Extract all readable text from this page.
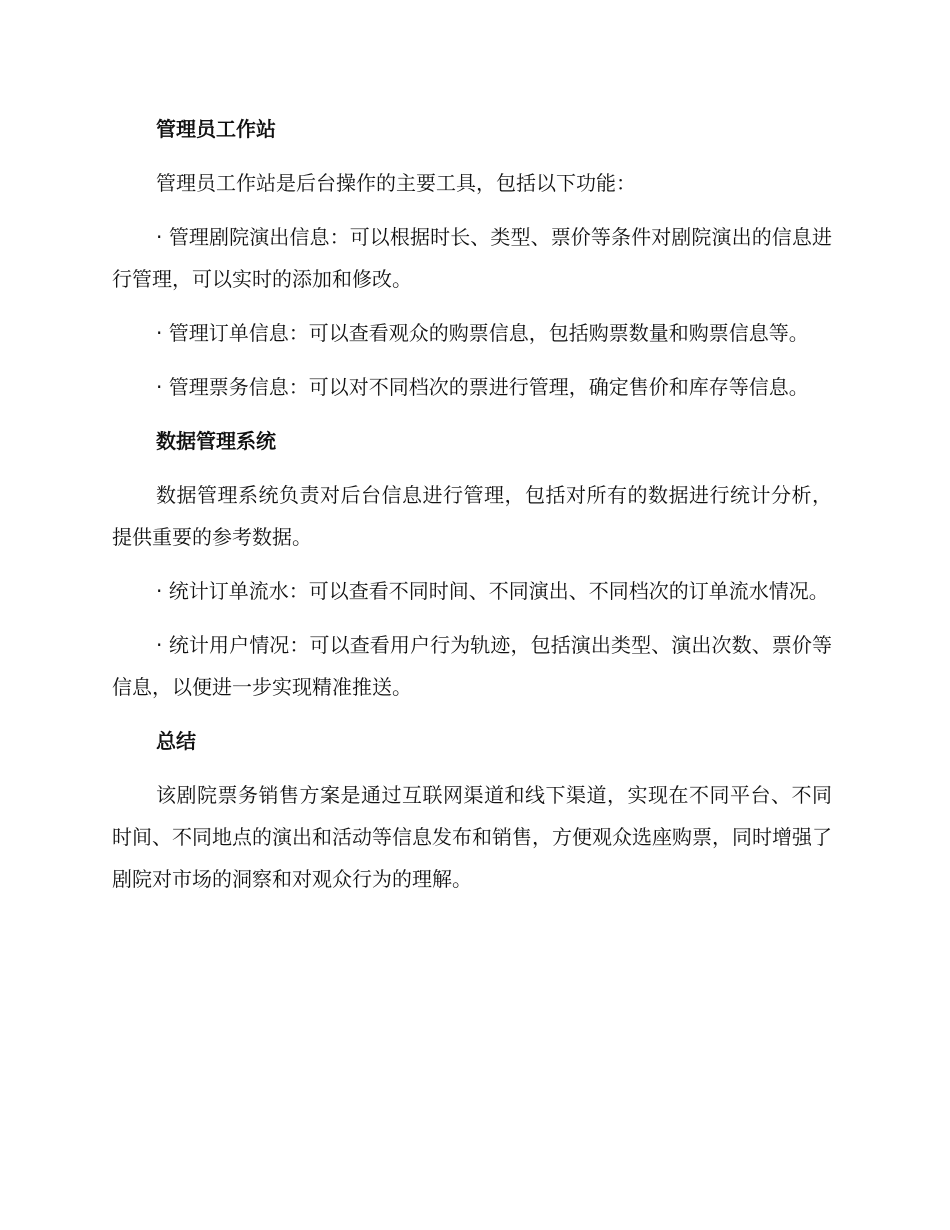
管理员工作站

管理员工作站是后台操作的主要工具，包括以下功能：

· 管理剧院演出信息：可以根据时长、类型、票价等条件对剧院演出的信息进行管理，可以实时的添加和修改。

· 管理订单信息：可以查看观众的购票信息，包括购票数量和购票信息等。

· 管理票务信息：可以对不同档次的票进行管理，确定售价和库存等信息。

数据管理系统

数据管理系统负责对后台信息进行管理，包括对所有的数据进行统计分析，提供重要的参考数据。

· 统计订单流水：可以查看不同时间、不同演出、不同档次的订单流水情况。

· 统计用户情况：可以查看用户行为轨迹，包括演出类型、演出次数、票价等信息，以便进一步实现精准推送。

总结

该剧院票务销售方案是通过互联网渠道和线下渠道，实现在不同平台、不同时间、不同地点的演出和活动等信息发布和销售，方便观众选座购票，同时增强了剧院对市场的洞察和对观众行为的理解。
